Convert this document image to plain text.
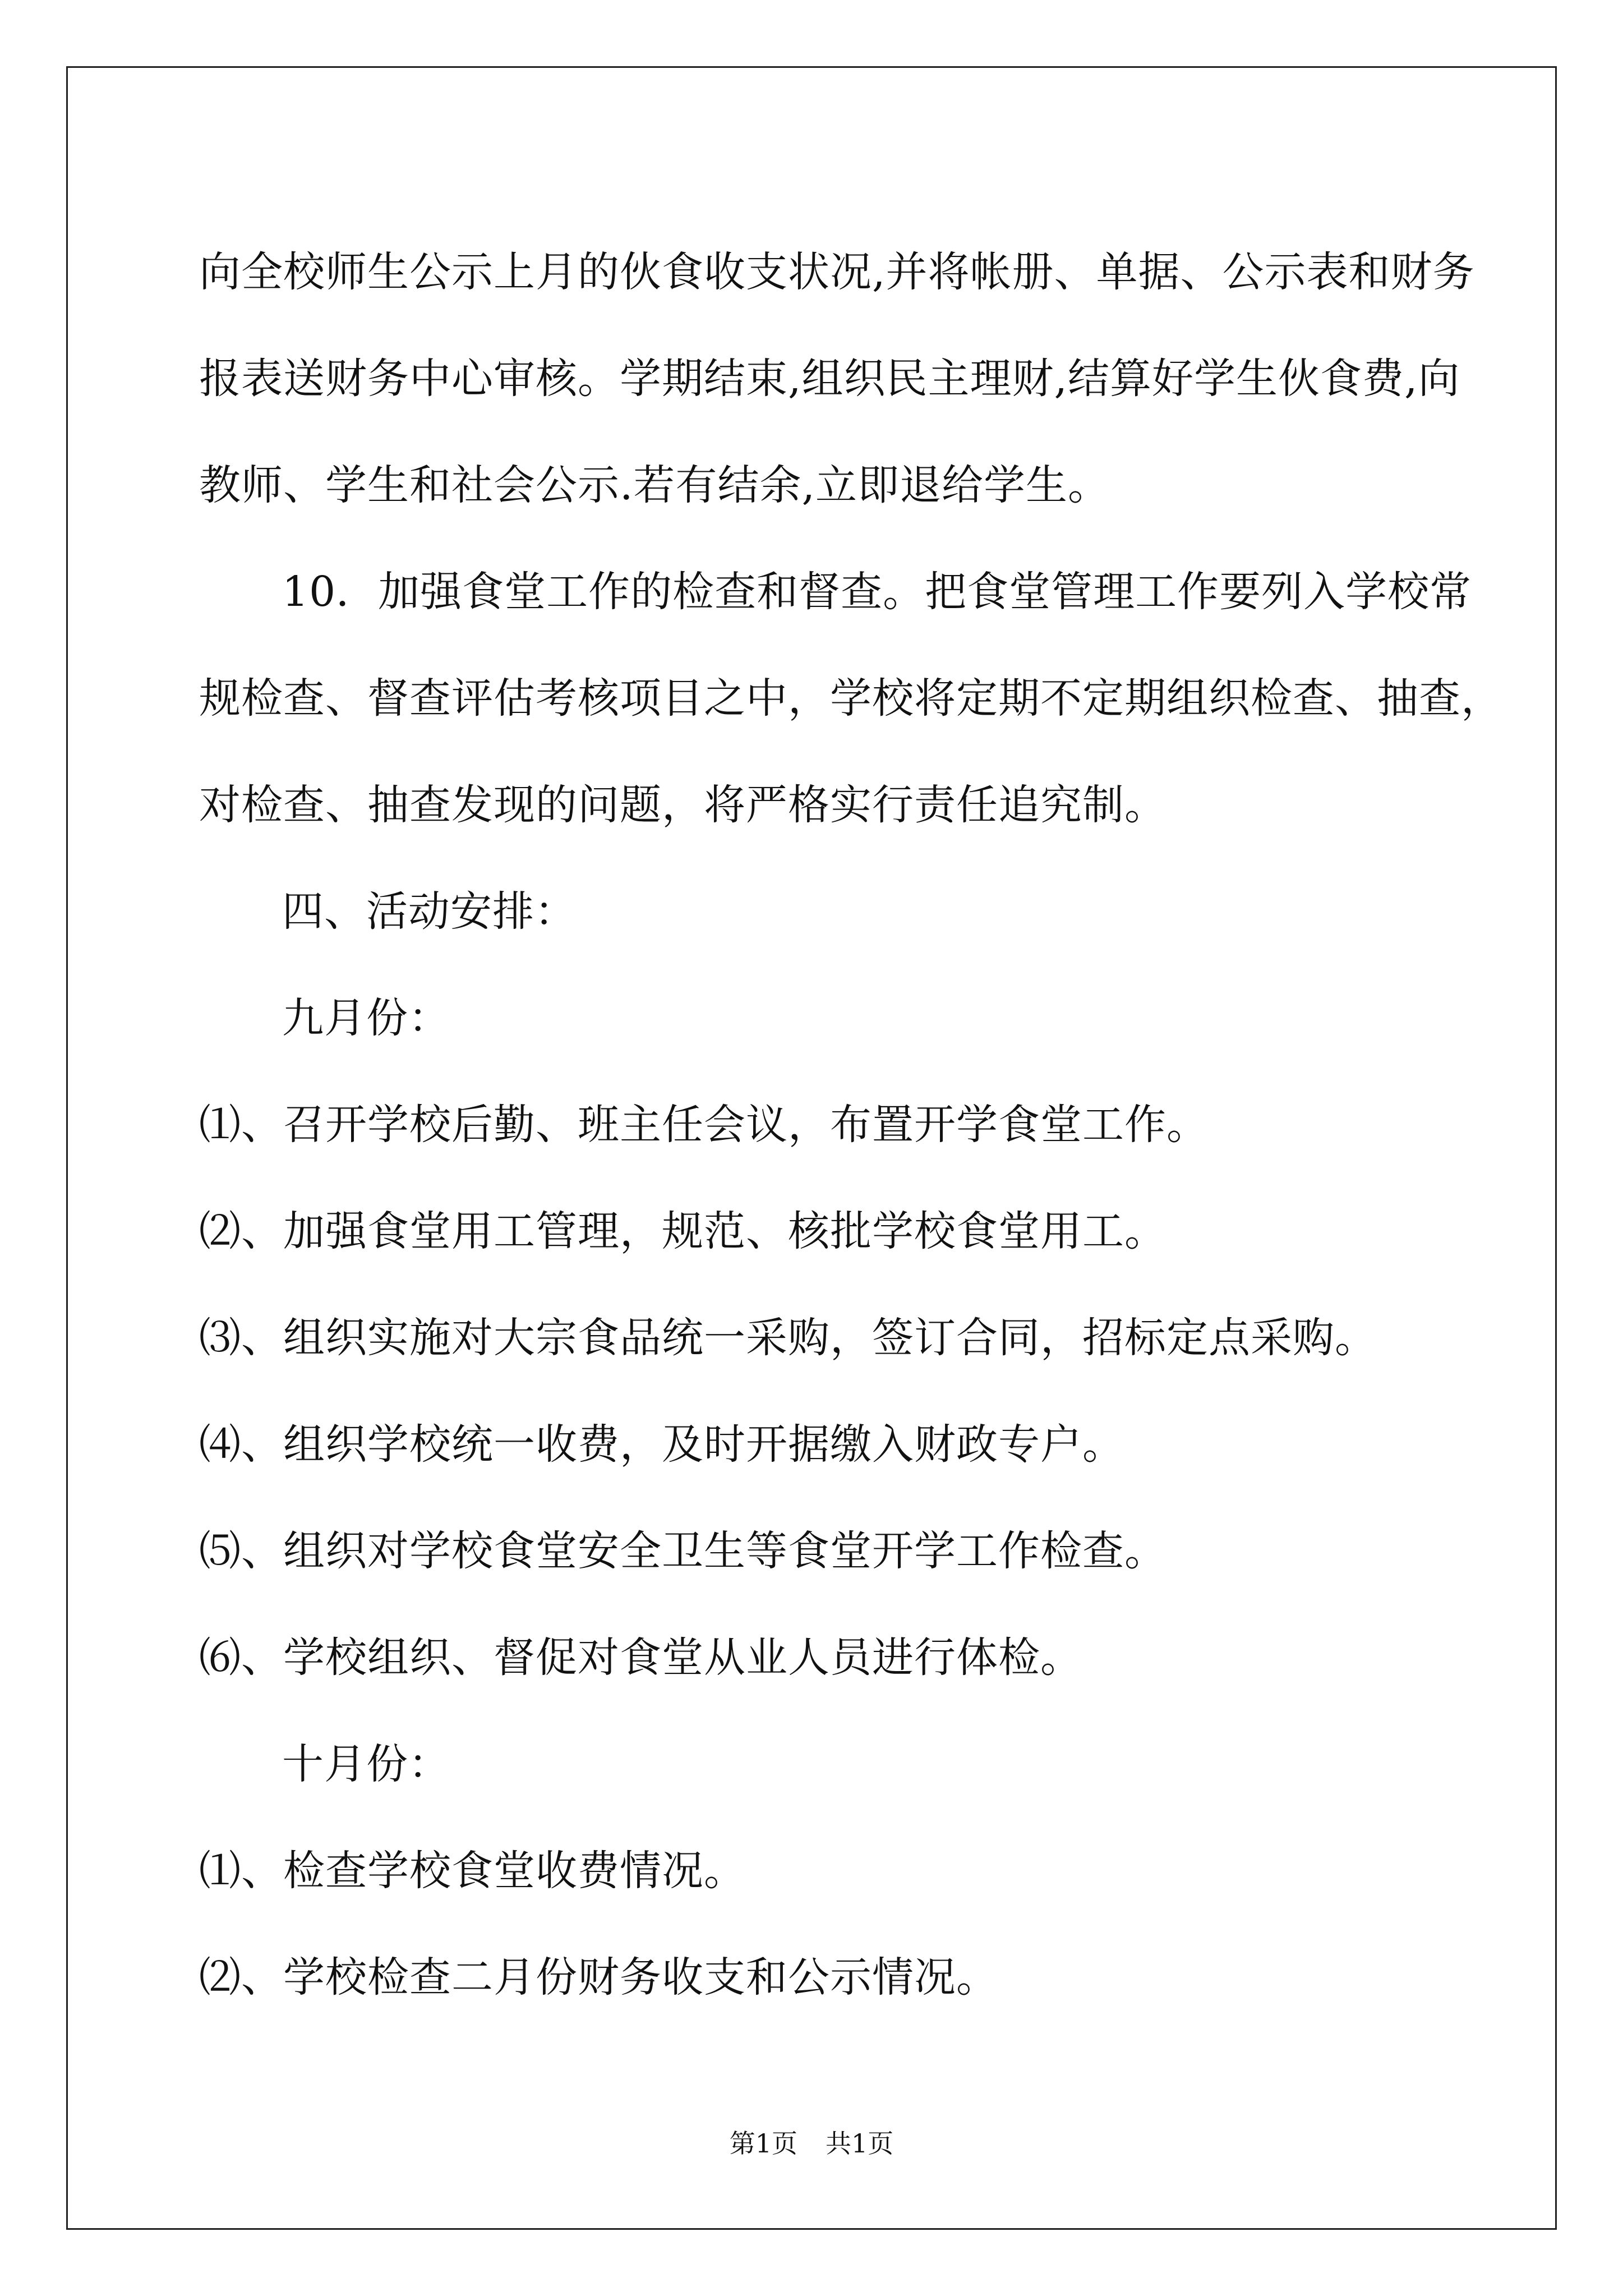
向全校师生公示上月的伙食收支状况,并将帐册、单据、公示表和财务

报表送财务中心审核。学期结束,组织民主理财,结算好学生伙食费,向

教师、学生和社会公示.若有结余,立即退给学生。

10．加强食堂工作的检查和督查。把食堂管理工作要列入学校常

规检查、督查评估考核项目之中，学校将定期不定期组织检查、抽查，

对检查、抽查发现的问题，将严格实行责任追究制。

四、活动安排：

九月份：

⑴、召开学校后勤、班主任会议，布置开学食堂工作。

⑵、加强食堂用工管理，规范、核批学校食堂用工。

⑶、组织实施对大宗食品统一采购，签订合同，招标定点采购。

⑷、组织学校统一收费，及时开据缴入财政专户。

⑸、组织对学校食堂安全卫生等食堂开学工作检查。

⑹、学校组织、督促对食堂从业人员进行体检。

十月份：

⑴、检查学校食堂收费情况。

⑵、学校检查二月份财务收支和公示情况。

第1页 共1页
